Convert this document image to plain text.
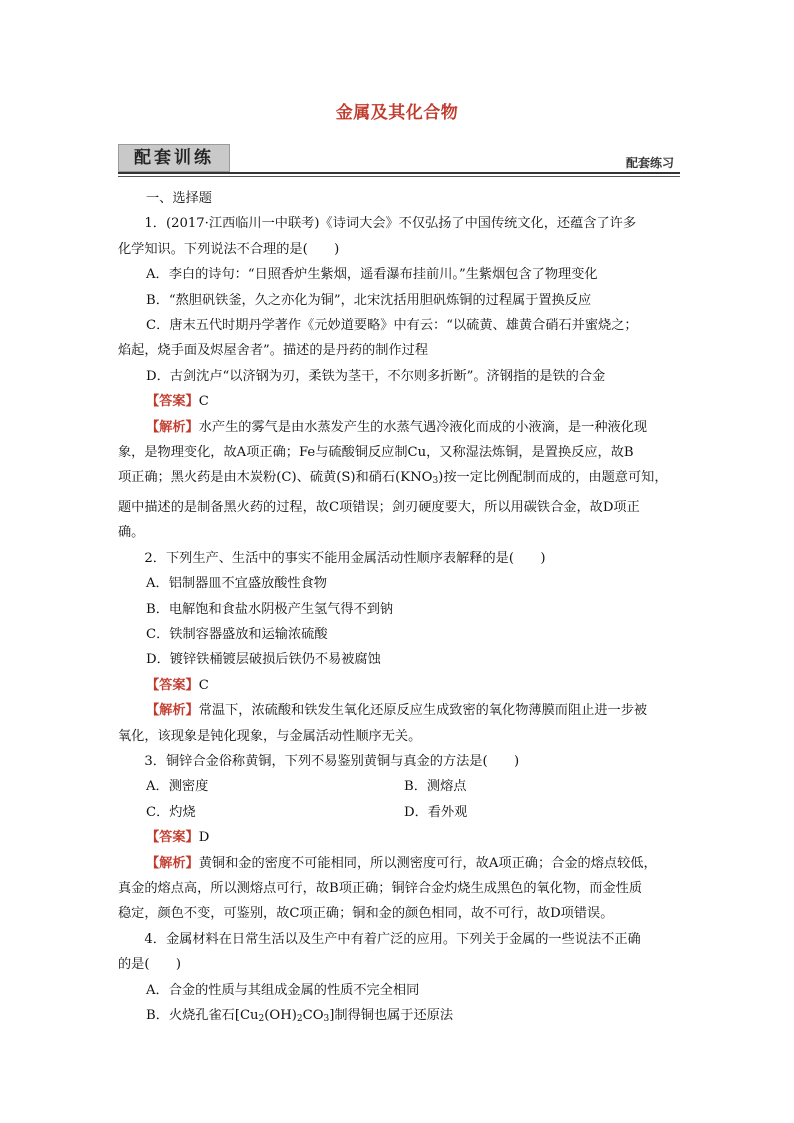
金属及其化合物
配套训练	配套练习

一、选择题

1．(2017·江西临川一中联考)《诗词大会》不仅弘扬了中国传统文化，还蕴含了许多

化学知识。下列说法不合理的是(　　)

A．李白的诗句：“日照香炉生紫烟，遥看瀑布挂前川。”生紫烟包含了物理变化

B．“熬胆矾铁釜，久之亦化为铜”，北宋沈括用胆矾炼铜的过程属于置换反应

C．唐末五代时期丹学著作《元妙道要略》中有云：“以硫黄、雄黄合硝石并蜜烧之；

焰起，烧手面及烬屋舍者”。描述的是丹药的制作过程

D．古剑沈卢“以济钢为刃，柔铁为茎干，不尔则多折断”。济钢指的是铁的合金

【答案】C

【解析】水产生的雾气是由水蒸发产生的水蒸气遇冷液化而成的小液滴，是一种液化现

象，是物理变化，故A项正确；Fe与硫酸铜反应制Cu，又称湿法炼铜，是置换反应，故B

项正确；黑火药是由木炭粉(C)、硫黄(S)和硝石$(KNO_3)$按一定比例配制而成的，由题意可知，

题中描述的是制备黑火药的过程，故C项错误；剑刃硬度要大，所以用碳铁合金，故D项正

确。

2．下列生产、生活中的事实不能用金属活动性顺序表解释的是(　　)

A．铝制器皿不宜盛放酸性食物

B．电解饱和食盐水阴极产生氢气得不到钠

C．铁制容器盛放和运输浓硫酸

D．镀锌铁桶镀层破损后铁仍不易被腐蚀

【答案】C

【解析】常温下，浓硫酸和铁发生氧化还原反应生成致密的氧化物薄膜而阻止进一步被

氧化，该现象是钝化现象，与金属活动性顺序无关。

3．铜锌合金俗称黄铜，下列不易鉴别黄铜与真金的方法是(　　)

A．测密度	B．测熔点
C．灼烧	D．看外观

【答案】D

【解析】黄铜和金的密度不可能相同，所以测密度可行，故A项正确；合金的熔点较低，

真金的熔点高，所以测熔点可行，故B项正确；铜锌合金灼烧生成黑色的氧化物，而金性质

稳定，颜色不变，可鉴别，故C项正确；铜和金的颜色相同，故不可行，故D项错误。

4．金属材料在日常生活以及生产中有着广泛的应用。下列关于金属的一些说法不正确

的是(　　)

A．合金的性质与其组成金属的性质不完全相同

B．火烧孔雀石$[Cu_2(OH)_2CO_3]$制得铜也属于还原法
